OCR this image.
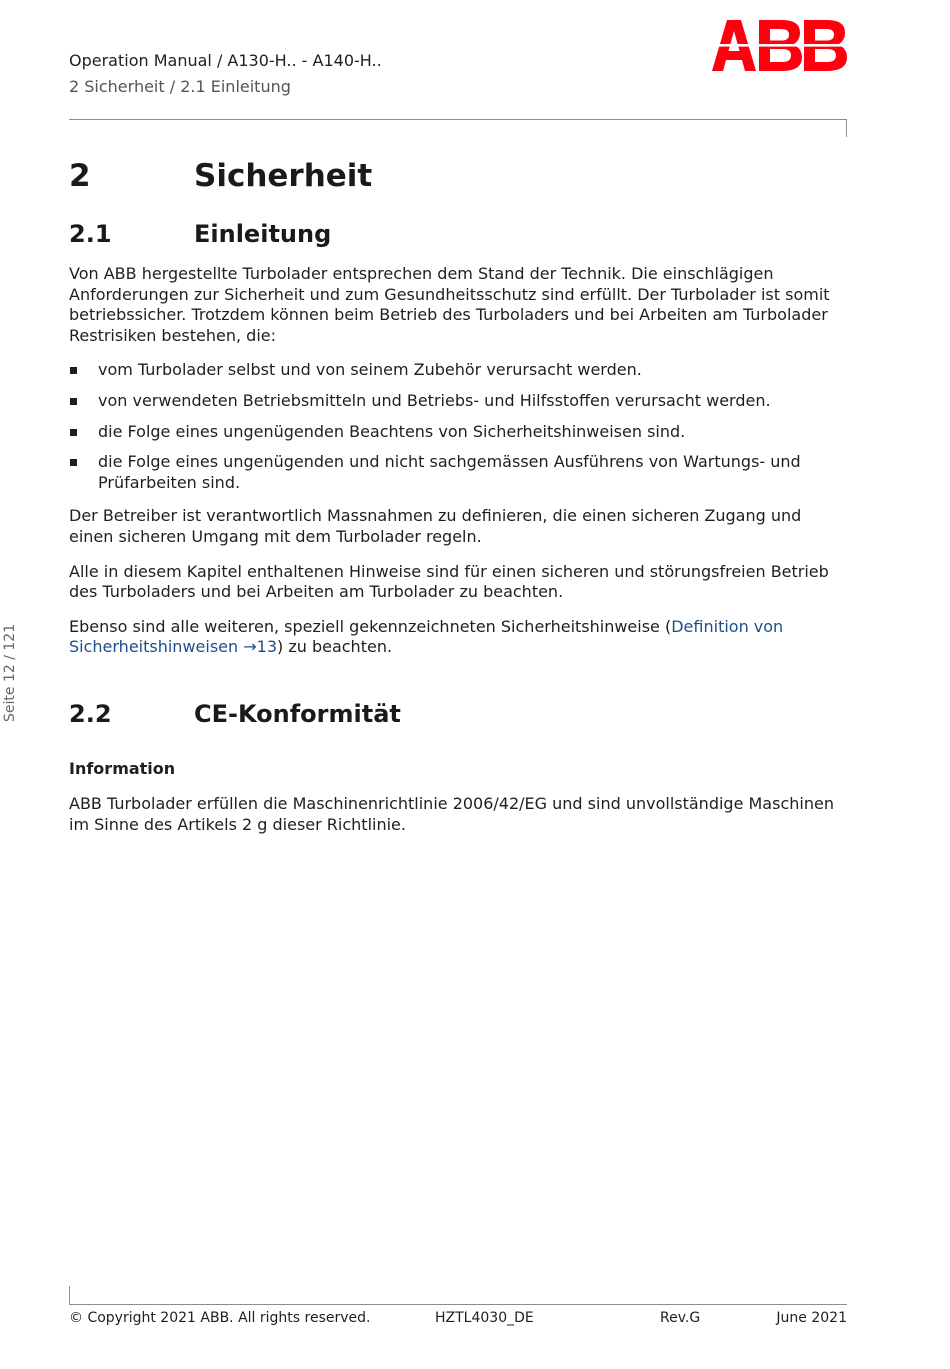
Operation Manual / A130-H.. - A140-H..
2 Sicherheit / 2.1 Einleitung
Seite 12 / 121
2	Sicherheit
2.1	Einleitung

Von ABB hergestellte Turbolader entsprechen dem Stand der Technik. Die einschlägigen Anforderungen zur Sicherheit und zum Gesundheitsschutz sind erfüllt. Der Turbolader ist somit betriebssicher. Trotzdem können beim Betrieb des Turboladers und bei Arbeiten am Turbolader Restrisiken bestehen, die:

vom Turbolader selbst und von seinem Zubehör verursacht werden.
von verwendeten Betriebsmitteln und Betriebs- und Hilfsstoffen verursacht werden.
die Folge eines ungenügenden Beachtens von Sicherheitshinweisen sind.
die Folge eines ungenügenden und nicht sachgemässen Ausführens von Wartungs- und Prüfarbeiten sind.

Der Betreiber ist verantwortlich Massnahmen zu definieren, die einen sicheren Zugang und einen sicheren Umgang mit dem Turbolader regeln.

Alle in diesem Kapitel enthaltenen Hinweise sind für einen sicheren und störungsfreien Betrieb des Turboladers und bei Arbeiten am Turbolader zu beachten.

Ebenso sind alle weiteren, speziell gekennzeichneten Sicherheitshinweise (Definition von Sicherheitshinweisen →13) zu beachten.

2.2	CE-Konformität
Information

ABB Turbolader erfüllen die Maschinenrichtlinie 2006/42/EG und sind unvollständige Maschinen im Sinne des Artikels 2 g dieser Richtlinie.

© Copyright 2021 ABB. All rights reserved.	HZTL4030_DE	Rev.G	June 2021
